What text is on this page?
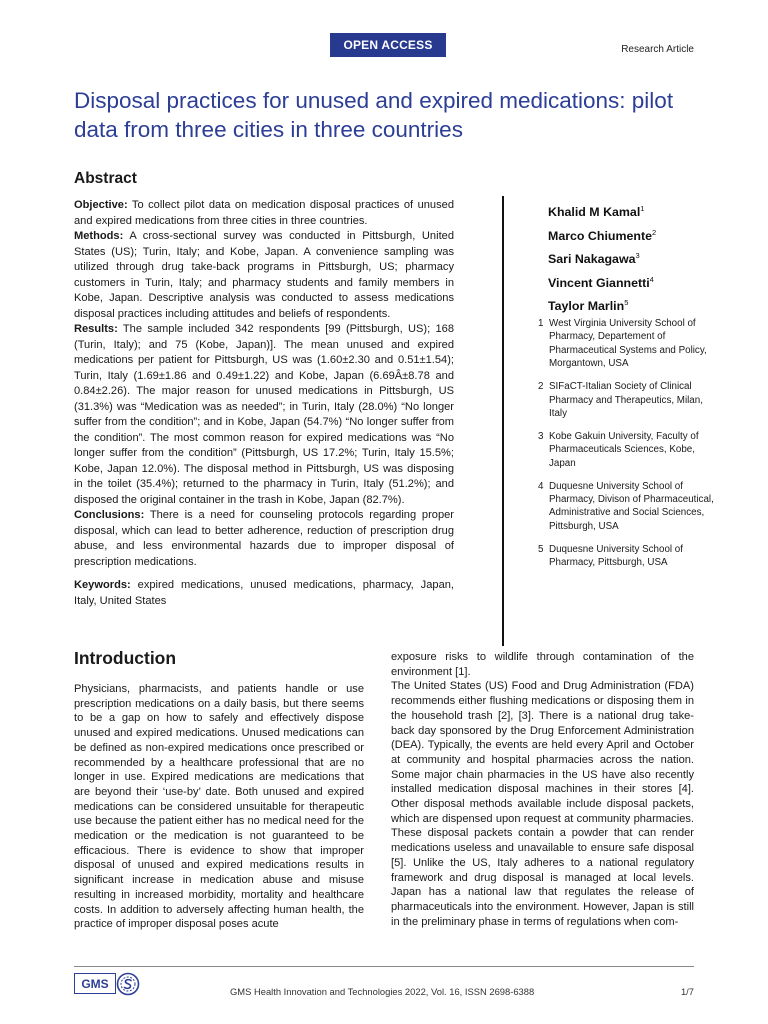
OPEN ACCESS	Research Article
Disposal practices for unused and expired medications: pilot data from three cities in three countries
Abstract

Objective: To collect pilot data on medication disposal practices of unused and expired medications from three cities in three countries.

Methods: A cross-sectional survey was conducted in Pittsburgh, United States (US); Turin, Italy; and Kobe, Japan. A convenience sampling was utilized through drug take-back programs in Pittsburgh, US; pharmacy customers in Turin, Italy; and pharmacy students and family members in Kobe, Japan. Descriptive analysis was conducted to assess medications disposal practices including attitudes and beliefs of respondents.

Results: The sample included 342 respondents [99 (Pittsburgh, US); 168 (Turin, Italy); and 75 (Kobe, Japan)]. The mean unused and expired medications per patient for Pittsburgh, US was (1.60±2.30 and 0.51±1.54); Turin, Italy (1.69±1.86 and 0.49±1.22) and Kobe, Japan (6.69Â±8.78 and 0.84±2.26). The major reason for unused medications in Pittsburgh, US (31.3%) was “Medication was as needed”; in Turin, Italy (28.0%) “No longer suffer from the condition”; and in Kobe, Japan (54.7%) “No longer suffer from the condition”. The most common reason for expired medications was “No longer suffer from the condition” (Pittsburgh, US 17.2%; Turin, Italy 15.5%; Kobe, Japan 12.0%). The disposal method in Pittsburgh, US was disposing in the toilet (35.4%); returned to the pharmacy in Turin, Italy (51.2%); and disposed the original container in the trash in Kobe, Japan (82.7%).

Conclusions: There is a need for counseling protocols regarding proper disposal, which can lead to better adherence, reduction of prescription drug abuse, and less environmental hazards due to improper disposal of prescription medications.

Keywords: expired medications, unused medications, pharmacy, Japan, Italy, United States

Khalid M Kamal$^1$
Marco Chiumente$^2$
Sari Nakagawa$^3$
Vincent Giannetti$^4$
Taylor Marlin$^5$
1 West Virginia University School of Pharmacy, Departement of Pharmaceutical Systems and Policy, Morgantown, USA
2 SIFaCT-Italian Society of Clinical Pharmacy and Therapeutics, Milan, Italy
3 Kobe Gakuin University, Faculty of Pharmaceuticals Sciences, Kobe, Japan
4 Duquesne University School of Pharmacy, Divison of Pharmaceutical, Administrative and Social Sciences, Pittsburgh, USA
5 Duquesne University School of Pharmacy, Pittsburgh, USA
Introduction

Physicians, pharmacists, and patients handle or use prescription medications on a daily basis, but there seems to be a gap on how to safely and effectively dispose unused and expired medications. Unused medications can be defined as non-expired medications once prescribed or recommended by a healthcare professional that are no longer in use. Expired medications are medications that are beyond their ‘use-by’ date. Both unused and expired medications can be considered unsuitable for therapeutic use because the patient either has no medical need for the medication or the medication is not guaranteed to be efficacious. There is evidence to show that improper disposal of unused and expired medications results in significant increase in medication abuse and misuse resulting in increased morbidity, mortality and healthcare costs. In addition to adversely affecting human health, the practice of improper disposal poses acute

exposure risks to wildlife through contamination of the environment [1].

The United States (US) Food and Drug Administration (FDA) recommends either flushing medications or disposing them in the household trash [2], [3]. There is a national drug take-back day sponsored by the Drug Enforcement Administration (DEA). Typically, the events are held every April and October at community and hospital pharmacies across the nation. Some major chain pharmacies in the US have also recently installed medication disposal machines in their stores [4]. Other disposal methods available include disposal packets, which are dispensed upon request at community pharmacies. These disposal packets contain a powder that can render medications useless and unavailable to ensure safe disposal [5]. Unlike the US, Italy adheres to a national regulatory framework and drug disposal is managed at local levels. Japan has a national law that regulates the release of pharmaceuticals into the environment. However, Japan is still in the preliminary phase in terms of regulations when com-

GMS
GMS Health Innovation and Technologies 2022, Vol. 16, ISSN 2698-6388	1/7
